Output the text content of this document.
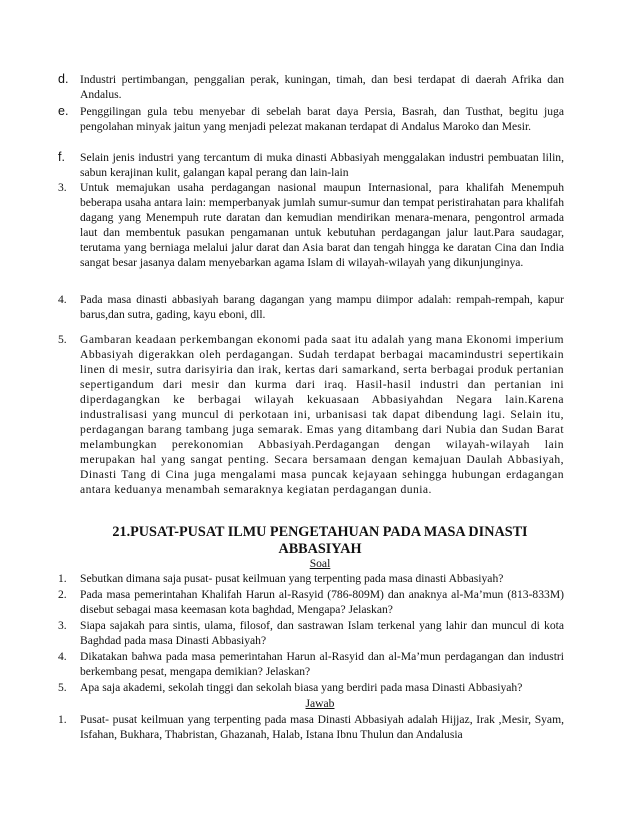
d. Industri pertimbangan, penggalian perak, kuningan, timah, dan besi terdapat di daerah Afrika dan Andalus.
e. Penggilingan gula tebu menyebar di sebelah barat daya Persia, Basrah, dan Tusthat, begitu juga pengolahan minyak jaitun yang menjadi pelezat makanan terdapat di Andalus Maroko dan Mesir.
f. Selain jenis industri yang tercantum di muka dinasti Abbasiyah menggalakan industri pembuatan lilin, sabun kerajinan kulit, galangan kapal perang dan lain-lain
3. Untuk memajukan usaha perdagangan nasional maupun Internasional, para khalifah Menempuh beberapa usaha antara lain: memperbanyak jumlah sumur-sumur dan tempat peristirahatan para khalifah dagang yang Menempuh rute daratan dan kemudian mendirikan menara-menara, pengontrol armada laut dan membentuk pasukan pengamanan untuk kebutuhan perdagangan jalur laut.Para saudagar, terutama yang berniaga melalui jalur darat dan Asia barat dan tengah hingga ke daratan Cina dan India sangat besar jasanya dalam menyebarkan agama Islam di wilayah-wilayah yang dikunjunginya.
4. Pada masa dinasti abbasiyah barang dagangan yang mampu diimpor adalah: rempah-rempah, kapur barus,dan sutra, gading, kayu eboni, dll.
5. Gambaran keadaan perkembangan ekonomi pada saat itu adalah yang mana Ekonomi imperium Abbasiyah digerakkan oleh perdagangan. Sudah terdapat berbagai macamindustri sepertikain linen di mesir, sutra darisyiria dan irak, kertas dari samarkand, serta berbagai produk pertanian sepertigandum dari mesir dan kurma dari iraq. Hasil-hasil industri dan pertanian ini diperdagangkan ke berbagai wilayah kekuasaan Abbasiyahdan Negara lain.Karena industralisasi yang muncul di perkotaan ini, urbanisasi tak dapat dibendung lagi. Selain itu, perdagangan barang tambang juga semarak. Emas yang ditambang dari Nubia dan Sudan Barat melambungkan perekonomian Abbasiyah.Perdagangan dengan wilayah-wilayah lain merupakan hal yang sangat penting. Secara bersamaan dengan kemajuan Daulah Abbasiyah, Dinasti Tang di Cina juga mengalami masa puncak kejayaan sehingga hubungan erdagangan antara keduanya menambah semaraknya kegiatan perdagangan dunia.
21.PUSAT-PUSAT ILMU PENGETAHUAN PADA MASA DINASTI
ABBASIYAH
Soal
1. Sebutkan dimana saja pusat- pusat keilmuan yang terpenting pada masa dinasti Abbasiyah?
2. Pada masa pemerintahan Khalifah Harun al-Rasyid (786-809M) dan anaknya al-Ma’mun (813-833M) disebut sebagai masa keemasan kota baghdad, Mengapa? Jelaskan?
3. Siapa sajakah para sintis, ulama, filosof, dan sastrawan Islam terkenal yang lahir dan muncul di kota Baghdad pada masa Dinasti Abbasiyah?
4. Dikatakan bahwa pada masa pemerintahan Harun al-Rasyid dan al-Ma’mun perdagangan dan industri berkembang pesat, mengapa demikian? Jelaskan?
5. Apa saja akademi, sekolah tinggi dan sekolah biasa yang berdiri pada masa Dinasti Abbasiyah?
Jawab
1. Pusat- pusat keilmuan yang terpenting pada masa Dinasti Abbasiyah adalah Hijjaz, Irak ,Mesir, Syam, Isfahan, Bukhara, Thabristan, Ghazanah, Halab, Istana Ibnu Thulun dan Andalusia
